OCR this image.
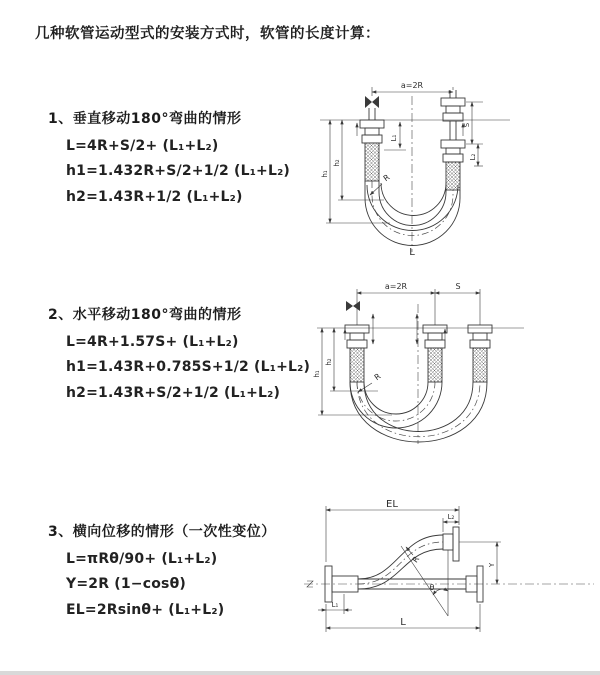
几种软管运动型式的安装方式时，软管的长度计算：
1、垂直移动180°弯曲的情形
L=4R+S/2+ (L₁+L₂)
h1=1.432R+S/2+1/2 (L₁+L₂)
h2=1.43R+1/2 (L₁+L₂)
2、水平移动180°弯曲的情形
L=4R+1.57S+ (L₁+L₂)
h1=1.43R+0.785S+1/2 (L₁+L₂)
h2=1.43R+S/2+1/2 (L₁+L₂)
3、横向位移的情形（一次性变位）
L=πRθ/90+ (L₁+L₂)
Y=2R (1−cosθ)
EL=2Rsinθ+ (L₁+L₂)
a=2R
L₁
S
L₂
h₂
h₁	R
L
a=2R	S
h₂
h₁	R
EL
L₂
Y
R
θ
L
L₁
